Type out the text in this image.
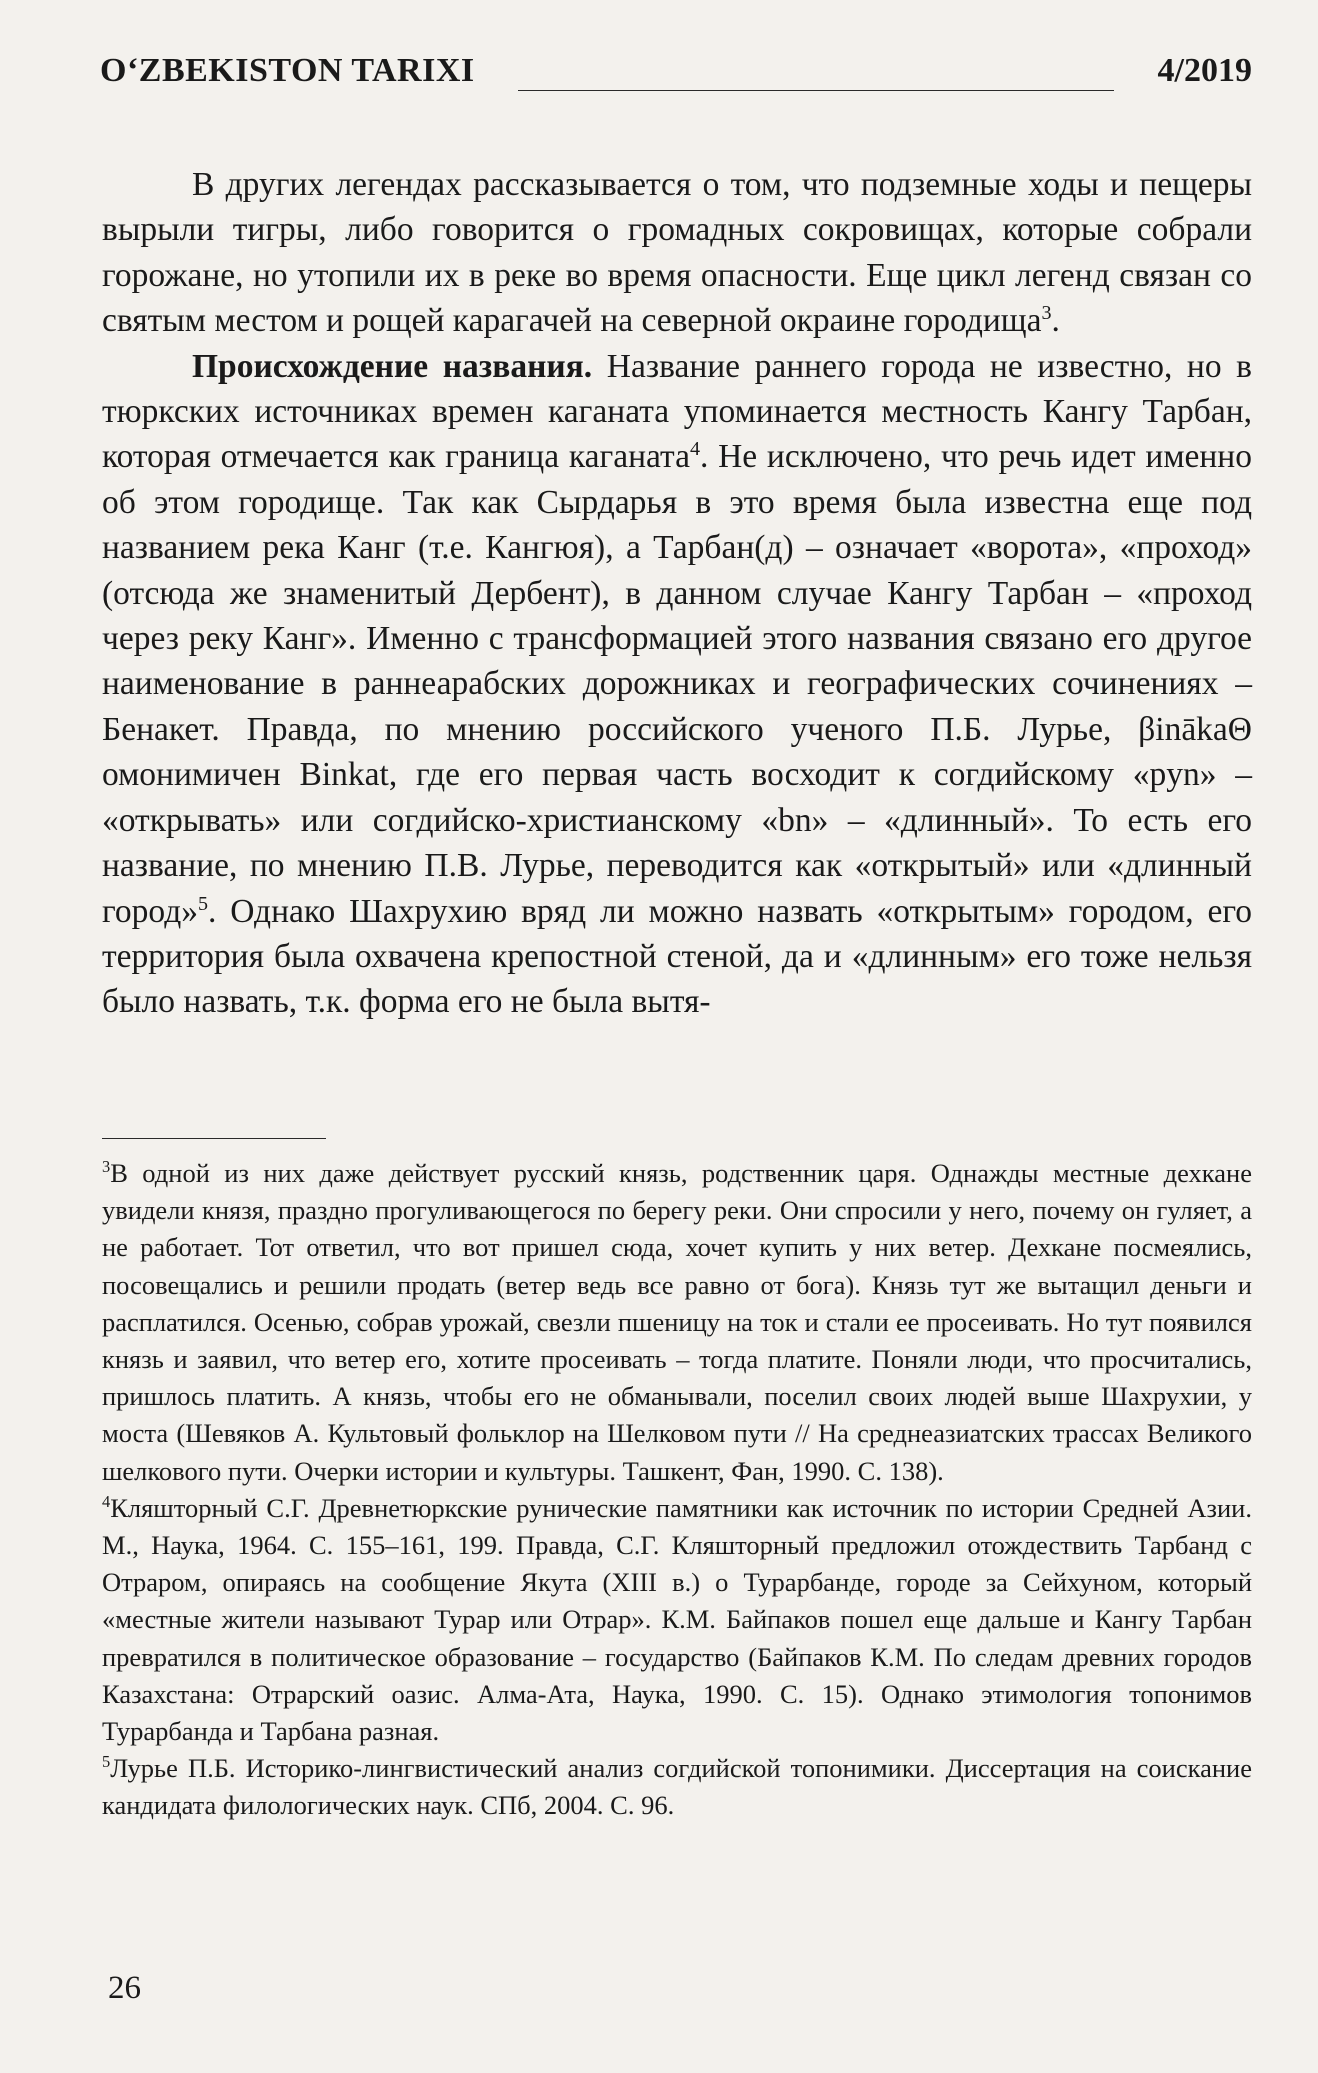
O‘ZBEKISTON TARIXI	4/2019

В других легендах рассказывается о том, что подземные ходы и пещеры вырыли тигры, либо говорится о громадных сокровищах, которые собрали горожане, но утопили их в реке во время опасности. Еще цикл легенд связан со святым местом и рощей карагачей на северной окраине городища$^3$.

Происхождение названия. Название раннего города не известно, но в тюркских источниках времен каганата упоминается местность Кангу Тарбан, которая отмечается как граница каганата$^4$. Не исключено, что речь идет именно об этом городище. Так как Сырдарья в это время была известна еще под названием река Канг (т.е. Кангюя), а Тарбан(д) – означает «ворота», «проход» (отсюда же знаменитый Дербент), в данном случае Кангу Тарбан – «проход через реку Канг». Именно с трансформацией этого названия связано его другое наименование в раннеарабских дорожниках и географических сочинениях – Бенакет. Правда, по мнению российского ученого П.Б. Лурье, βinākaΘ омонимичен Binkat, где его первая часть восходит к согдийскому «pyn» – «открывать» или согдийско-христианскому «bn» – «длинный». То есть его название, по мнению П.В. Лурье, переводится как «открытый» или «длинный город»$^5$. Однако Шахрухию вряд ли можно назвать «открытым» городом, его территория была охвачена крепостной стеной, да и «длинным» его тоже нельзя было назвать, т.к. форма его не была вытя-

$^3$В одной из них даже действует русский князь, родственник царя. Однажды местные дехкане увидели князя, праздно прогуливающегося по берегу реки. Они спросили у него, почему он гуляет, а не работает. Тот ответил, что вот пришел сюда, хочет купить у них ветер. Дехкане посмеялись, посовещались и решили продать (ветер ведь все равно от бога). Князь тут же вытащил деньги и расплатился. Осенью, собрав урожай, свезли пшеницу на ток и стали ее просеивать. Но тут появился князь и заявил, что ветер его, хотите просеивать – тогда платите. Поняли люди, что просчитались, пришлось платить. А князь, чтобы его не обманывали, поселил своих людей выше Шахрухии, у моста (Шевяков А. Культовый фольклор на Шелковом пути // На среднеазиатских трассах Великого шелкового пути. Очерки истории и культуры. Ташкент, Фан, 1990. С. 138).

$^4$Кляшторный С.Г. Древнетюркские рунические памятники как источник по истории Средней Азии. М., Наука, 1964. С. 155–161, 199. Правда, С.Г. Кляшторный предложил отождествить Тарбанд с Отраром, опираясь на сообщение Якута (XIII в.) о Турарбанде, городе за Сейхуном, который «местные жители называют Турар или Отрар». К.М. Байпаков пошел еще дальше и Кангу Тарбан превратился в политическое образование – государство (Байпаков К.М. По следам древних городов Казахстана: Отрарский оазис. Алма-Ата, Наука, 1990. С. 15). Однако этимология топонимов Турарбанда и Тарбана разная.

$^5$Лурье П.Б. Историко-лингвистический анализ согдийской топонимики. Диссертация на соискание кандидата филологических наук. СПб, 2004. С. 96.

26
